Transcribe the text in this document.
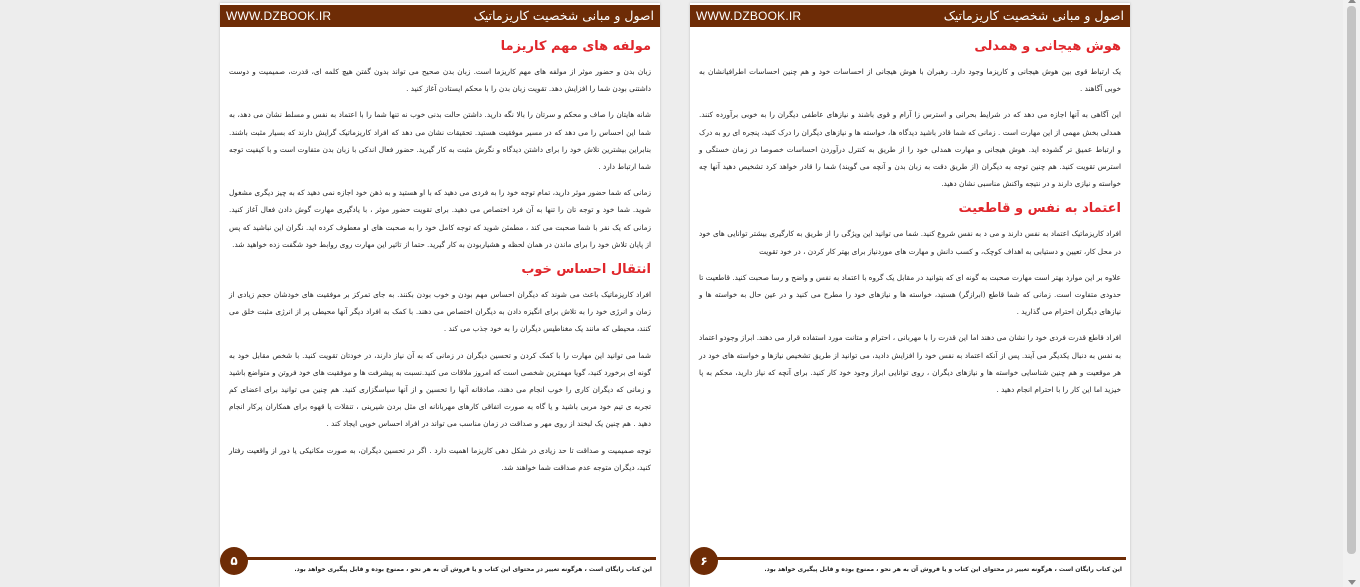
WWW.DZBOOK.IR	اصول و مبانی شخصیت کاریزماتیک
مولفه های مهم کاریزما

زبان بدن و حضور موثر از مولفه های مهم کاریزما است. زبان بدن صحیح می تواند بدون گفتن هیچ کلمه ای، قدرت، صمیمیت و دوست داشتنی بودن شما را افزایش دهد. تقویت زبان بدن را با محکم ایستادن آغاز کنید .

شانه هایتان را صاف و محکم و سرتان را بالا نگه دارید. داشتن حالت بدنی خوب نه تنها شما را با اعتماد به نفس و مسلط نشان می دهد، به شما این احساس را می دهد که در مسیر موفقیت هستید. تحقیقات نشان می دهد که افراد کاریزماتیک گرایش دارند که بسیار مثبت باشند. بنابراین بیشترین تلاش خود را برای داشتن دیدگاه و نگرش مثبت به کار گیرید. حضور فعال اندکی با زبان بدن متفاوت است و با کیفیت توجه شما ارتباط دارد .

زمانی که شما حضور موثر دارید، تمام توجه خود را به فردی می دهید که با او هستید و به ذهن خود اجازه نمی دهید که به چیز دیگری مشغول شوید. شما خود و توجه تان را تنها به آن فرد اختصاص می دهید. برای تقویت حضور موثر ، با یادگیری مهارت گوش دادن فعال آغاز کنید. زمانی که یک نفر با شما صحبت می کند ، مطمئن شوید که توجه کامل خود را به صحبت های او معطوف کرده اید. نگران این نباشید که پس از پایان تلاش خود را برای ماندن در همان لحظه و هشیاربودن به کار گیرید. حتما از تاثیر این مهارت روی روابط خود شگفت زده خواهید شد.

انتقال احساس خوب

افراد کاریزماتیک باعث می شوند که دیگران احساس مهم بودن و خوب بودن بکنند. به جای تمرکز بر موفقیت های خودشان حجم زیادی از زمان و انرژی خود را به تلاش برای انگیزه دادن به دیگران اختصاص می دهند. با کمک به افراد دیگر آنها محیطی پر از انرژی مثبت خلق می کنند، محیطی که مانند یک مغناطیس دیگران را به خود جذب می کند .

شما می توانید این مهارت را با کمک کردن و تحسین دیگران در زمانی که به آن نیاز دارند، در خودتان تقویت کنید. با شخص مقابل خود به گونه ای برخورد کنید، گویا مهمترین شخصی است که امروز ملاقات می کنید.نسبت به پیشرفت ها و موفقیت های خود فروتن و متواضع باشید و زمانی که دیگران کاری را خوب انجام می دهند، صادقانه آنها را تحسین و از آنها سپاسگزاری کنید. هم چنین می توانید برای اعضای کم تجربه ی تیم خود مربی باشید و یا گاه به صورت اتفاقی کارهای مهربانانه ای مثل بردن شیرینی ، تنقلات یا قهوه برای همکاران پرکار انجام دهید . هم چنین یک لبخند از روی مهر و صداقت در زمان مناسب می تواند در افراد احساس خوبی ایجاد کند .

توجه صمیمیت و صداقت تا حد زیادی در شکل دهی کاریزما اهمیت دارد . اگر در تحسین دیگران، به صورت مکانیکی یا دور از واقعیت رفتار کنید، دیگران متوجه عدم صداقت شما خواهند شد.

۵
این کتاب رایگان است ، هرگونه تغییر در محتوای این کتاب و یا فروش آن به هر نحو ، ممنوع بوده و قابل پیگیری خواهد بود.
WWW.DZBOOK.IR	اصول و مبانی شخصیت کاریزماتیک
هوش هیجانی و همدلی

یک ارتباط قوی بین هوش هیجانی و کاریزما وجود دارد. رهبران با هوش هیجانی از احساسات خود و هم چنین احساسات اطرافیانشان به خوبی آگاهند .

این آگاهی به آنها اجازه می دهد که در شرایط بحرانی و استرس زا آرام و قوی باشند و نیازهای عاطفی دیگران را به خوبی برآورده کنند. همدلی بخش مهمی از این مهارت است . زمانی که شما قادر باشید دیدگاه ها، خواسته ها و نیازهای دیگران را درک کنید، پنجره ای رو به درک و ارتباط عمیق تر گشوده اید. هوش هیجانی و مهارت همدلی خود را از طریق به کنترل درآوردن احساسات خصوصا در زمان خستگی و استرس تقویت کنید. هم چنین توجه به دیگران (از طریق دقت به زبان بدن و آنچه می گویند) شما را قادر خواهد کرد تشخیص دهید آنها چه خواسته و نیازی دارند و در نتیجه واکنش مناسبی نشان دهید.

اعتماد به نفس و قاطعیت

افراد کاریزماتیک اعتماد به نفس دارند و می د به نفس شروع کنید. شما می توانید این ویژگی را از طریق به کارگیری بیشتر توانایی های خود در محل کار، تعیین و دستیابی به اهداف کوچک، و کسب دانش و مهارت های موردنیاز برای بهتر کار کردن ، در خود تقویت

علاوه بر این موارد بهتر است مهارت صحبت به گونه ای که بتوانید در مقابل یک گروه با اعتماد به نفس و واضح و رسا صحبت کنید. قاطعیت تا حدودی متفاوت است. زمانی که شما قاطع (ابرازگر) هستید، خواسته ها و نیازهای خود را مطرح می کنید و در عین حال به خواسته ها و نیازهای دیگران احترام می گذارید .

افراد قاطع قدرت فردی خود را نشان می دهند اما این قدرت را با مهربانی ، احترام و متانت مورد استفاده قرار می دهند. ابراز وجودو اعتماد به نفس به دنبال یکدیگر می آیند. پس از آنکه اعتماد به نفس خود را افزایش دادید، می توانید از طریق تشخیص نیازها و خواسته های خود در هر موقعیت و هم چنین شناسایی خواسته ها و نیازهای دیگران ، روی توانایی ابراز وجود خود کار کنید. برای آنچه که نیاز دارید، محکم به پا خیزید اما این کار را با احترام انجام دهید .

۶
این کتاب رایگان است ، هرگونه تغییر در محتوای این کتاب و یا فروش آن به هر نحو ، ممنوع بوده و قابل پیگیری خواهد بود.
